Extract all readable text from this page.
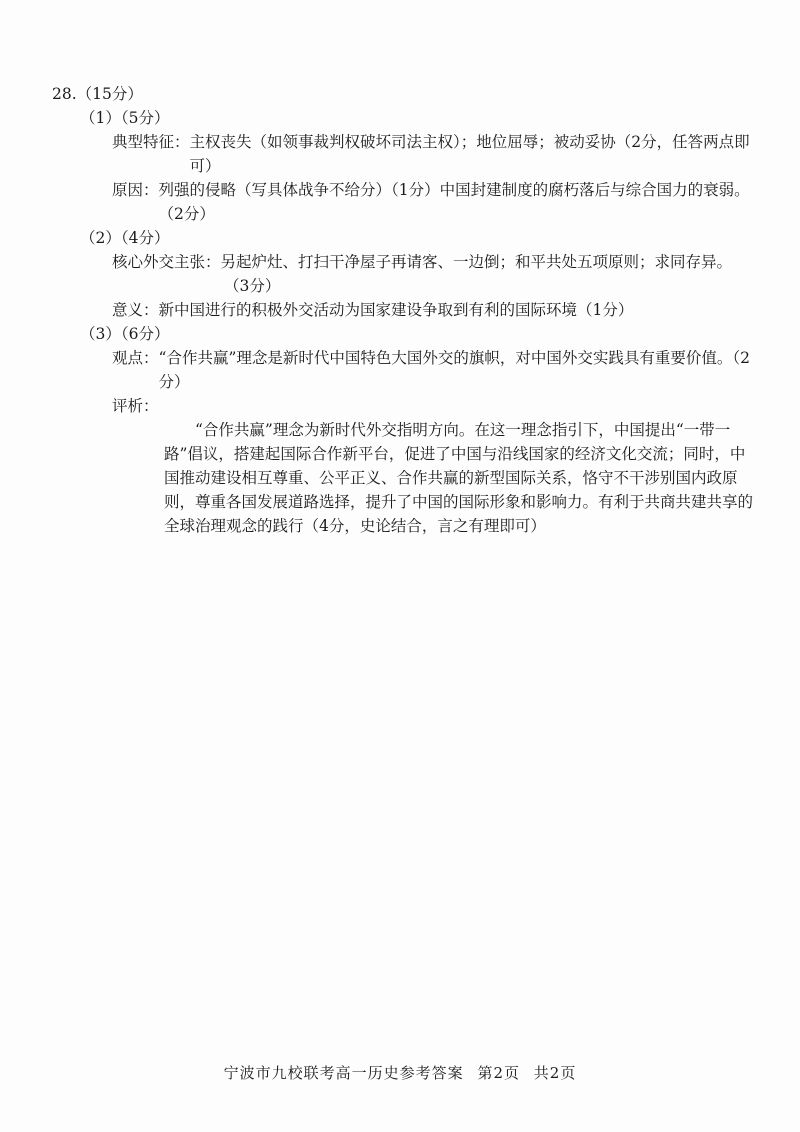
28.（15分）
（1）（5分）
典型特征： 主权丧失（如领事裁判权破坏司法主权）；地位屈辱；被动妥协（2分，任答两点即可）
原因： 列强的侵略（写具体战争不给分）（1分）中国封建制度的腐朽落后与综合国力的衰弱。（2分）
（2）（4分）
核心外交主张： 另起炉灶、打扫干净屋子再请客、一边倒；和平共处五项原则；求同存异。
（3分）
意义： 新中国进行的积极外交活动为国家建设争取到有利的国际环境（1分）
（3）（6分）
观点： “合作共赢”理念是新时代中国特色大国外交的旗帜，对中国外交实践具有重要价值。（2分）
评析：
“合作共赢”理念为新时代外交指明方向。在这一理念指引下，中国提出“一带一路”倡议，搭建起国际合作新平台，促进了中国与沿线国家的经济文化交流；同时，中国推动建设相互尊重、公平正义、合作共赢的新型国际关系，恪守不干涉别国内政原则，尊重各国发展道路选择，提升了中国的国际形象和影响力。有利于共商共建共享的全球治理观念的践行（4分，史论结合，言之有理即可）
宁波市九校联考高一历史参考答案 第2页 共2页
